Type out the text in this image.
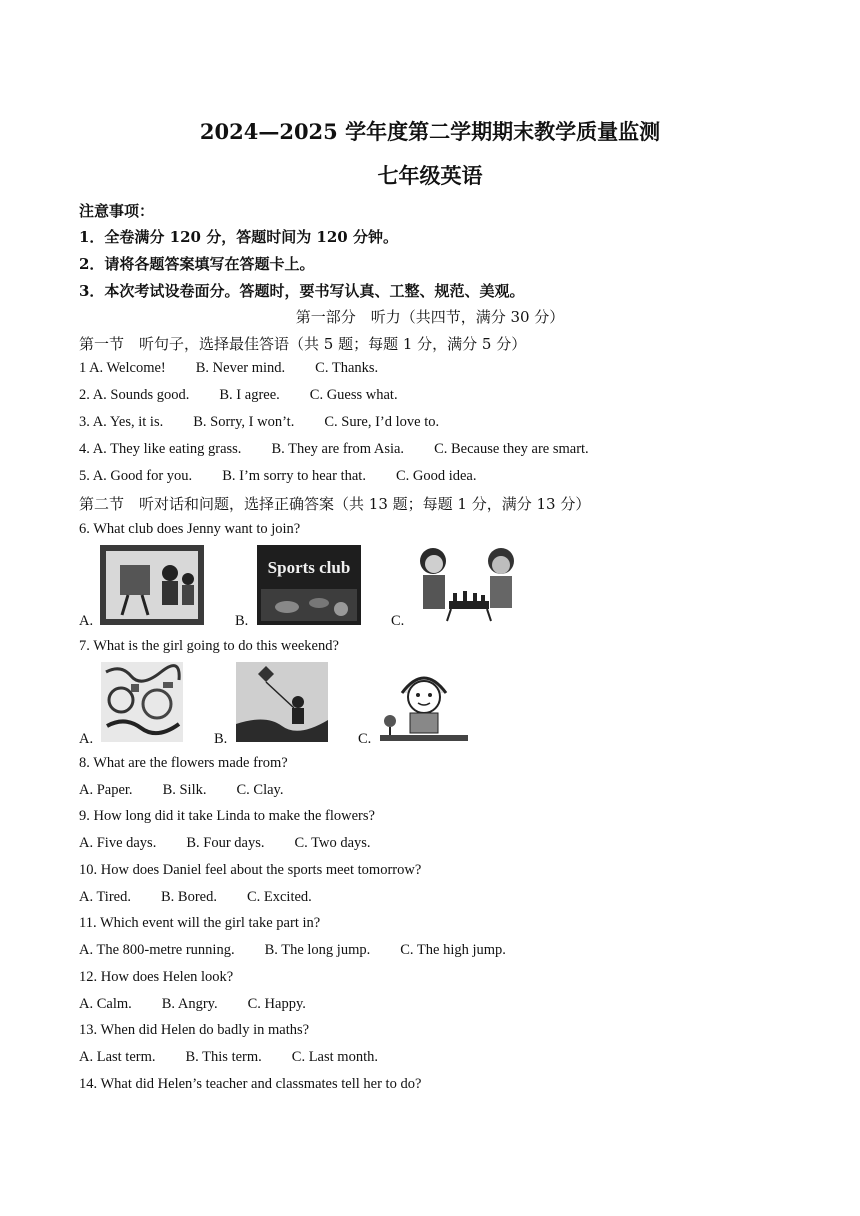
2024—2025 学年度第二学期期末教学质量监测
七年级英语
注意事项：
1．全卷满分 120 分，答题时间为 120 分钟。
2．请将各题答案填写在答题卡上。
3．本次考试设卷面分。答题时，要书写认真、工整、规范、美观。
第一部分　听力（共四节，满分 30 分）
第一节　听句子，选择最佳答语（共 5 题；每题 1 分，满分 5 分）
1 A. Welcome! B. Never mind. C. Thanks.
2. A. Sounds good. B. I agree. C. Guess what.
3. A. Yes, it is. B. Sorry, I won’t. C. Sure, I’d love to.
4. A. They like eating grass. B. They are from Asia. C. Because they are smart.
5. A. Good for you. B. I’m sorry to hear that. C. Good idea.
第二节　听对话和问题，选择正确答案（共 13 题；每题 1 分，满分 13 分）
6. What club does Jenny want to join?
A.	B.
Sports club
C.
7. What is the girl going to do this weekend?
A.	B.	C.
8. What are the flowers made from?
A. Paper. B. Silk. C. Clay.
9. How long did it take Linda to make the flowers?
A. Five days. B. Four days. C. Two days.
10. How does Daniel feel about the sports meet tomorrow?
A. Tired. B. Bored. C. Excited.
11. Which event will the girl take part in?
A. The 800-metre running. B. The long jump. C. The high jump.
12. How does Helen look?
A. Calm. B. Angry. C. Happy.
13. When did Helen do badly in maths?
A. Last term. B. This term. C. Last month.
14. What did Helen’s teacher and classmates tell her to do?
